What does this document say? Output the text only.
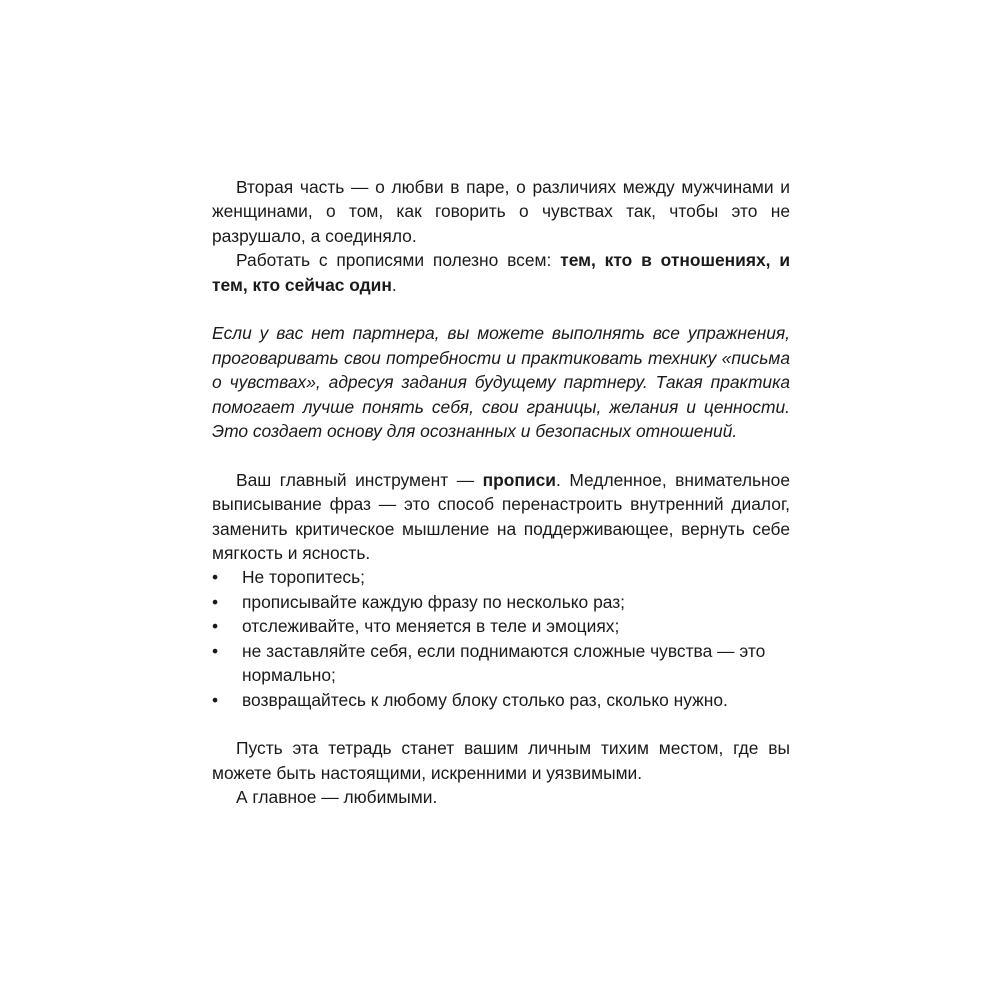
Вторая часть — о любви в паре, о различиях между мужчинами и женщинами, о том, как говорить о чувствах так, чтобы это не разрушало, а соединяло.

Работать с прописями полезно всем: тем, кто в отношениях, и тем, кто сейчас один.

Если у вас нет партнера, вы можете выполнять все упражнения, проговаривать свои потребности и практиковать технику «письма о чувствах», адресуя задания будущему партнеру. Такая практика помогает лучше понять себя, свои границы, желания и ценности. Это создает основу для осознанных и безопасных отношений.

Ваш главный инструмент — прописи. Медленное, внимательное выписывание фраз — это способ перенастроить внутренний диалог, заменить критическое мышление на поддерживающее, вернуть себе мягкость и ясность.

•	Не торопитесь;
•	прописывайте каждую фразу по несколько раз;
•	отслеживайте, что меняется в теле и эмоциях;
•	не заставляйте себя, если поднимаются сложные чувства — это нормально;
•	возвращайтесь к любому блоку столько раз, сколько нужно.

Пусть эта тетрадь станет вашим личным тихим местом, где вы можете быть настоящими, искренними и уязвимыми.

А главное — любимыми.
